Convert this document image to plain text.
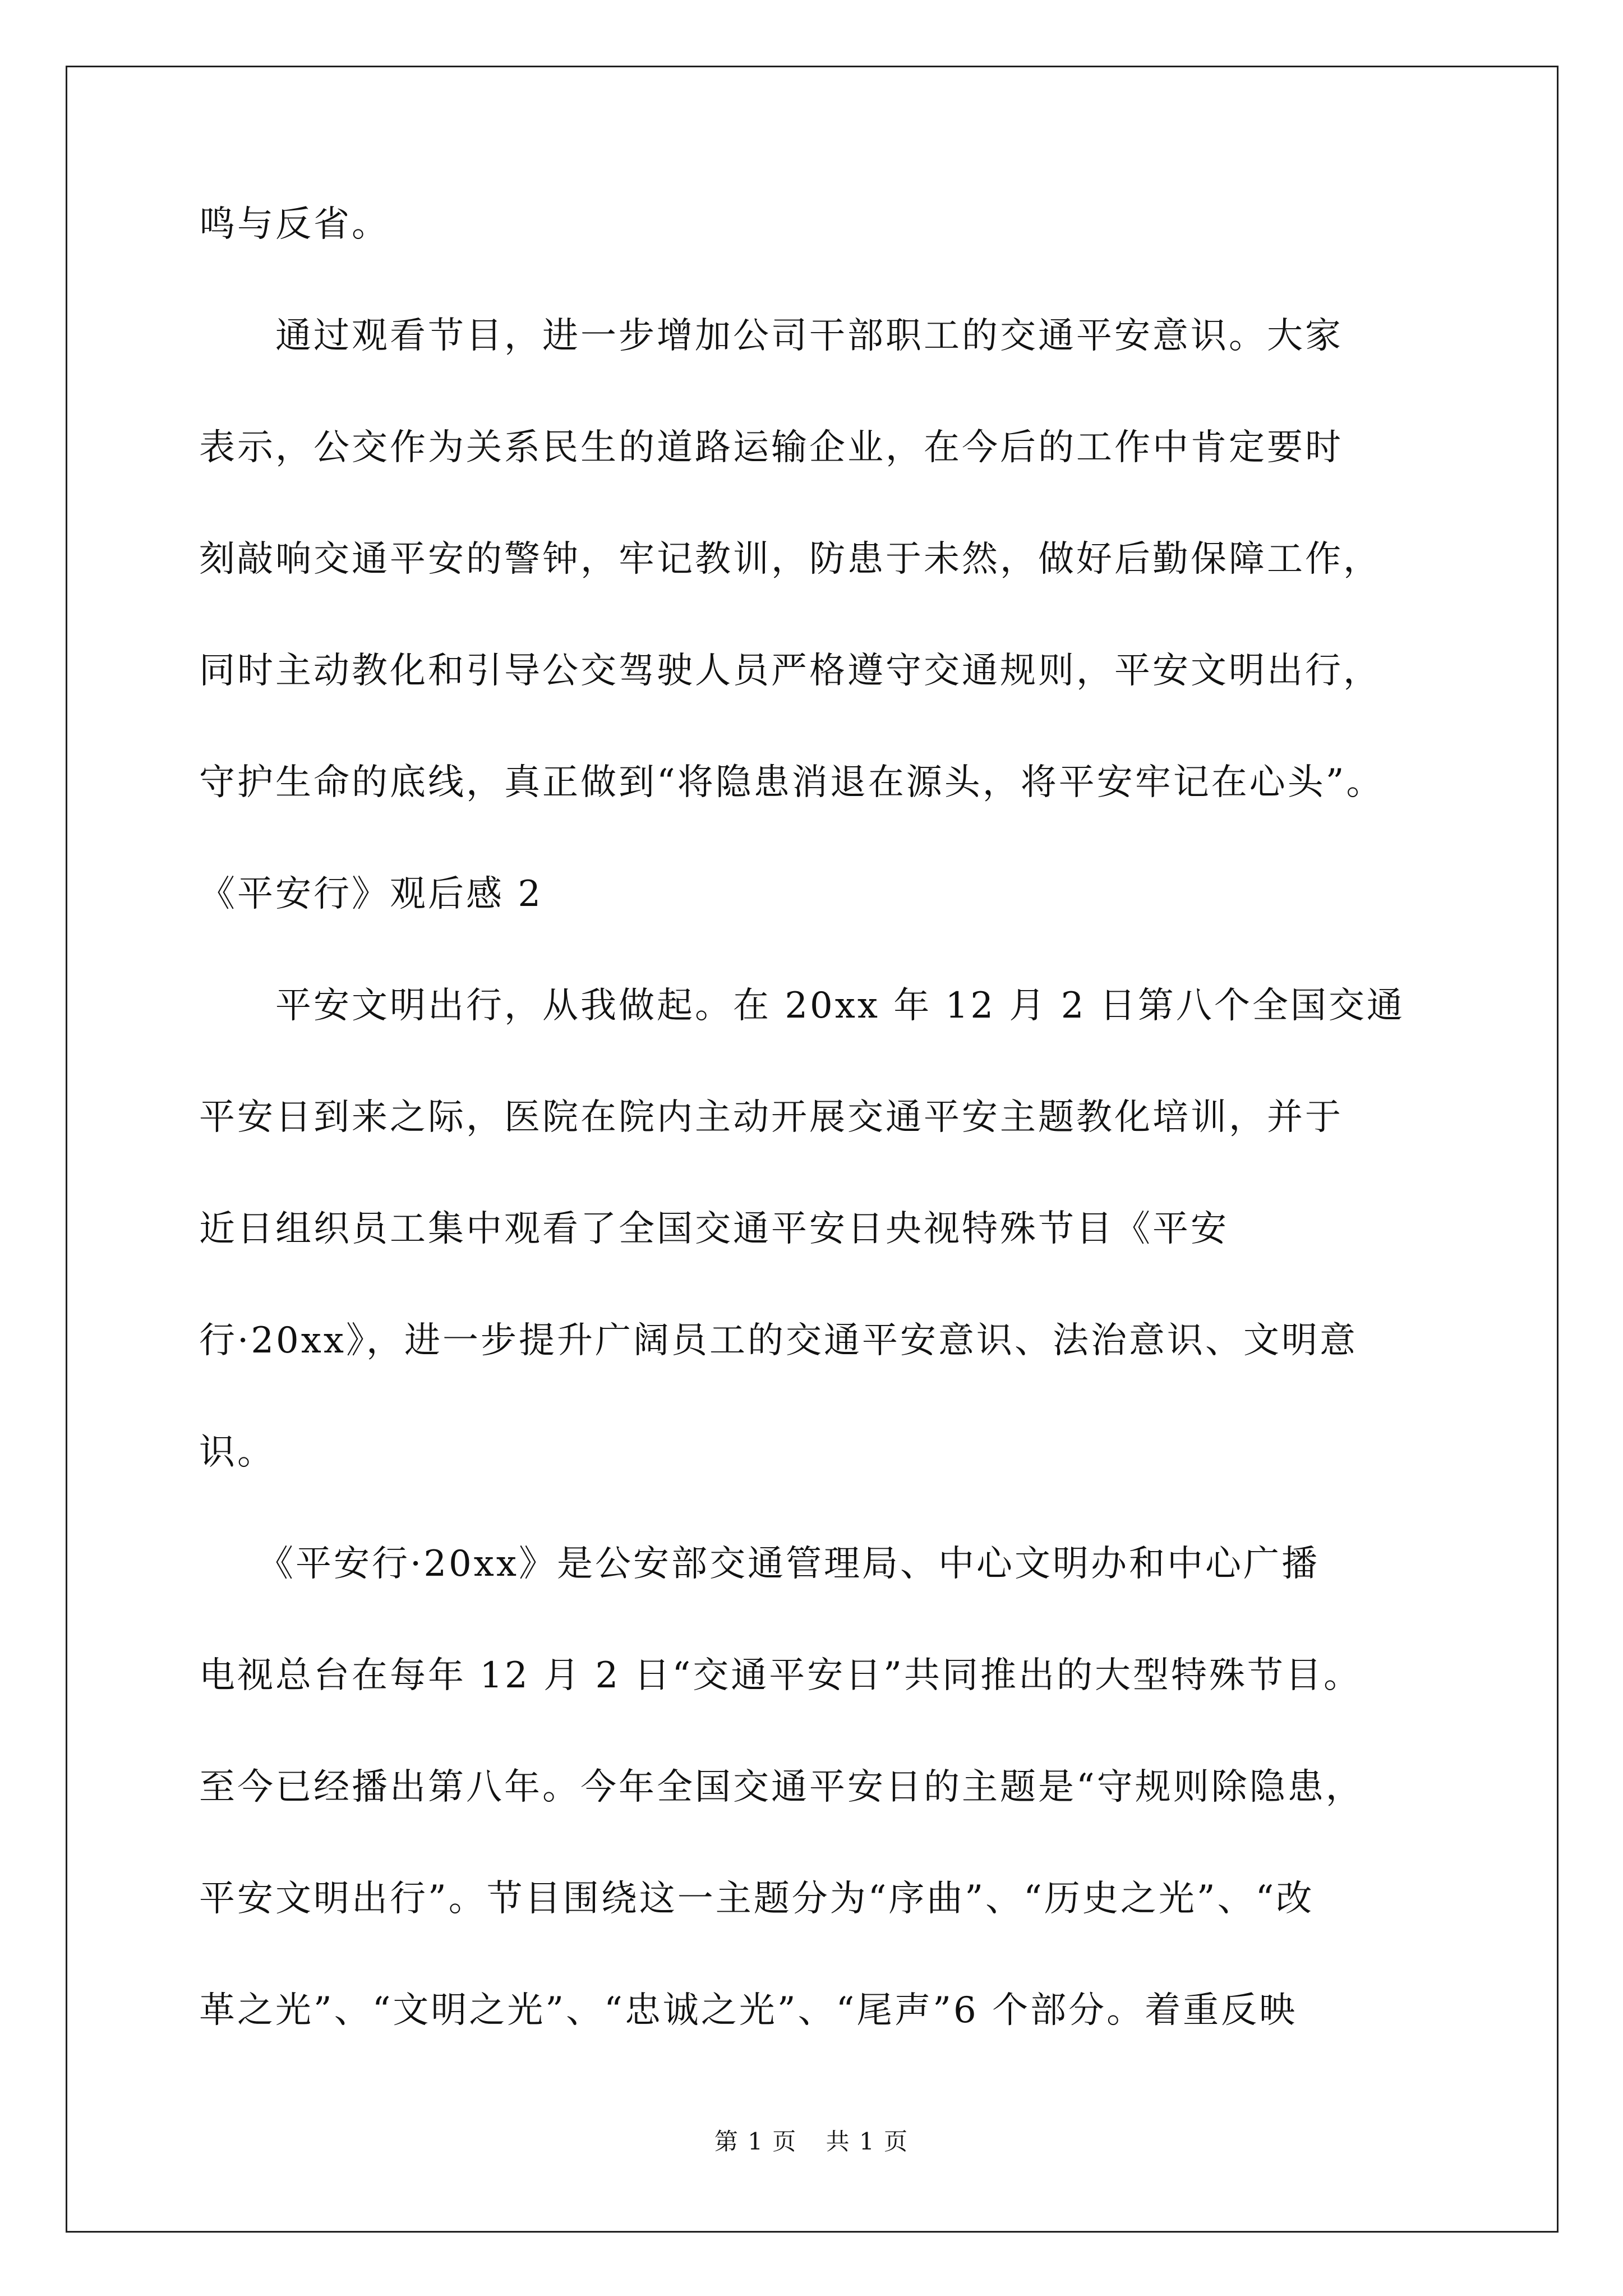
鸣与反省。
　　通过观看节目，进一步增加公司干部职工的交通平安意识。大家
表示，公交作为关系民生的道路运输企业，在今后的工作中肯定要时
刻敲响交通平安的警钟，牢记教训，防患于未然，做好后勤保障工作，
同时主动教化和引导公交驾驶人员严格遵守交通规则，平安文明出行，
守护生命的底线，真正做到“将隐患消退在源头，将平安牢记在心头”。
《平安行》观后感 2
　　平安文明出行，从我做起。在 20xx 年 12 月 2 日第八个全国交通
平安日到来之际，医院在院内主动开展交通平安主题教化培训，并于
近日组织员工集中观看了全国交通平安日央视特殊节目《平安
行·20xx》，进一步提升广阔员工的交通平安意识、法治意识、文明意
识。
　　《平安行·20xx》是公安部交通管理局、中心文明办和中心广播
电视总台在每年 12 月 2 日“交通平安日”共同推出的大型特殊节目。
至今已经播出第八年。今年全国交通平安日的主题是“守规则除隐患，
平安文明出行”。节目围绕这一主题分为“序曲”、“历史之光”、“改
革之光”、“文明之光”、“忠诚之光”、“尾声”6 个部分。着重反映
第 1 页 共 1 页
